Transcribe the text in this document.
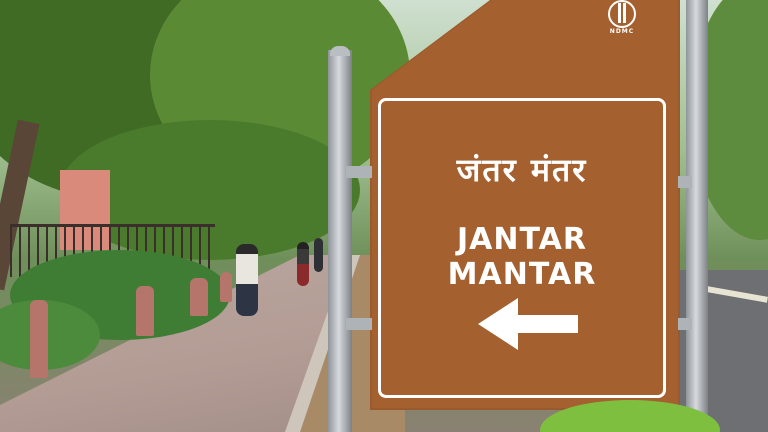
NDMC
जंतर मंतर
JANTAR MANTAR
